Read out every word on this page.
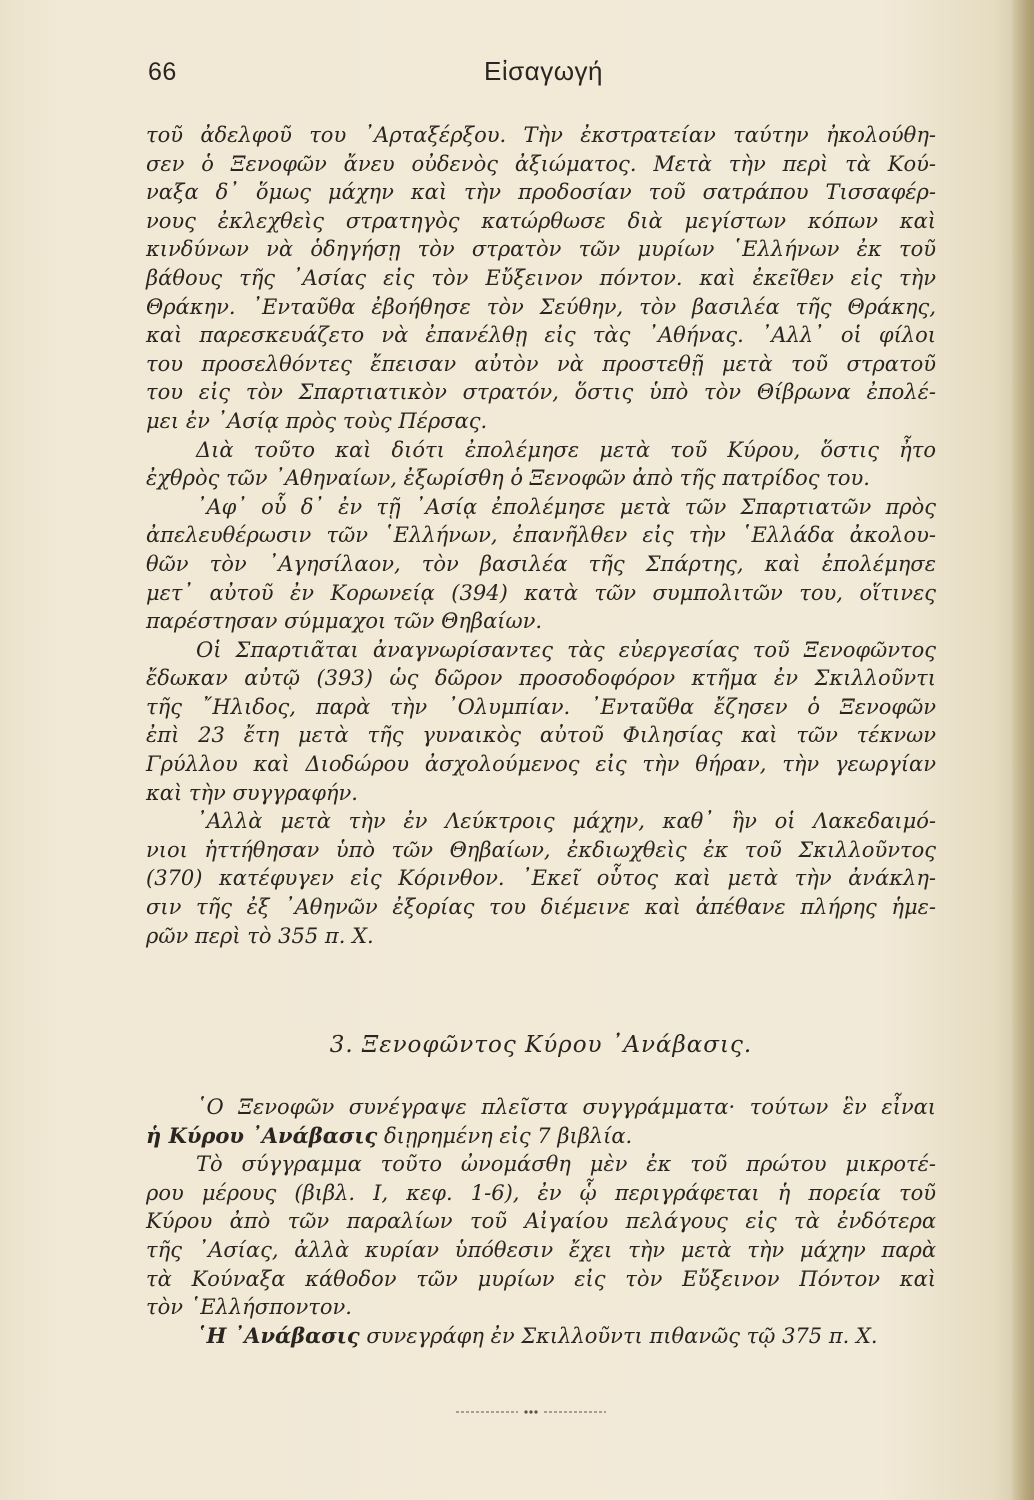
66	Εἰσαγωγή
τοῦ ἀδελφοῦ του ᾿Αρταξέρξου. Τὴν ἐκστρατείαν ταύτην ἠκολούθη-
σεν ὁ Ξενοφῶν ἄνευ οὐδενὸς ἀξιώματος. Μετὰ τὴν περὶ τὰ Κού-
ναξα δ᾿ ὅμως μάχην καὶ τὴν προδοσίαν τοῦ σατράπου Τισσαφέρ-
νους ἐκλεχθεὶς στρατηγὸς κατώρθωσε διὰ μεγίστων κόπων καὶ
κινδύνων νὰ ὁδηγήσῃ τὸν στρατὸν τῶν μυρίων ῾Ελλήνων ἐκ τοῦ
βάθους τῆς ᾿Ασίας εἰς τὸν Εὔξεινον πόντον. καὶ ἐκεῖθεν εἰς τὴν
Θράκην. ᾿Ενταῦθα ἐβοήθησε τὸν Σεύθην, τὸν βασιλέα τῆς Θράκης,
καὶ παρεσκευάζετο νὰ ἐπανέλθῃ εἰς τὰς ᾿Αθήνας. ᾿Αλλ᾿ οἱ φίλοι
του προσελθόντες ἔπεισαν αὐτὸν νὰ προστεθῇ μετὰ τοῦ στρατοῦ
του εἰς τὸν Σπαρτιατικὸν στρατόν, ὅστις ὑπὸ τὸν Θίβρωνα ἐπολέ-
μει ἐν ᾿Ασίᾳ πρὸς τοὺς Πέρσας.
Διὰ τοῦτο καὶ διότι ἐπολέμησε μετὰ τοῦ Κύρου, ὅστις ἦτο
ἐχθρὸς τῶν ᾿Αθηναίων, ἐξωρίσθη ὁ Ξενοφῶν ἀπὸ τῆς πατρίδος του.
᾿Αφ᾿ οὗ δ᾿ ἐν τῇ ᾿Ασίᾳ ἐπολέμησε μετὰ τῶν Σπαρτιατῶν πρὸς
ἀπελευθέρωσιν τῶν ῾Ελλήνων, ἐπανῆλθεν εἰς τὴν ῾Ελλάδα ἀκολου-
θῶν τὸν ᾿Αγησίλαον, τὸν βασιλέα τῆς Σπάρτης, καὶ ἐπολέμησε
μετ᾿ αὐτοῦ ἐν Κορωνείᾳ (394) κατὰ τῶν συμπολιτῶν του, οἵτινες
παρέστησαν σύμμαχοι τῶν Θηβαίων.
Οἱ Σπαρτιᾶται ἀναγνωρίσαντες τὰς εὐεργεσίας τοῦ Ξενοφῶντος
ἔδωκαν αὐτῷ (393) ὡς δῶρον προσοδοφόρον κτῆμα ἐν Σκιλλοῦντι
τῆς ῎Ηλιδος, παρὰ τὴν ᾿Ολυμπίαν. ᾿Ενταῦθα ἔζησεν ὁ Ξενοφῶν
ἐπὶ 23 ἔτη μετὰ τῆς γυναικὸς αὐτοῦ Φιλησίας καὶ τῶν τέκνων
Γρύλλου καὶ Διοδώρου ἀσχολούμενος εἰς τὴν θήραν, τὴν γεωργίαν
καὶ τὴν συγγραφήν.
᾿Αλλὰ μετὰ τὴν ἐν Λεύκτροις μάχην, καθ᾿ ἣν οἱ Λακεδαιμό-
νιοι ἡττήθησαν ὑπὸ τῶν Θηβαίων, ἐκδιωχθεὶς ἐκ τοῦ Σκιλλοῦντος
(370) κατέφυγεν εἰς Κόρινθον. ᾿Εκεῖ οὗτος καὶ μετὰ τὴν ἀνάκλη-
σιν τῆς ἐξ ᾿Αθηνῶν ἐξορίας του διέμεινε καὶ ἀπέθανε πλήρης ἡμε-
ρῶν περὶ τὸ 355 π. Χ.
3. Ξενοφῶντος Κύρου ᾿Ανάβασις.
῾Ο Ξενοφῶν συνέγραψε πλεῖστα συγγράμματα· τούτων ἓν εἶναι
ἡ Κύρου ᾿Ανάβασις διῃρημένη εἰς 7 βιβλία.
Τὸ σύγγραμμα τοῦτο ὠνομάσθη μὲν ἐκ τοῦ πρώτου μικροτέ-
ρου μέρους (βιβλ. Ι, κεφ. 1-6), ἐν ᾧ περιγράφεται ἡ πορεία τοῦ
Κύρου ἀπὸ τῶν παραλίων τοῦ Αἰγαίου πελάγους εἰς τὰ ἐνδότερα
τῆς ᾿Ασίας, ἀλλὰ κυρίαν ὑπόθεσιν ἔχει τὴν μετὰ τὴν μάχην παρὰ
τὰ Κούναξα κάθοδον τῶν μυρίων εἰς τὸν Εὔξεινον Πόντον καὶ
τὸν ῾Ελλήσποντον.
῾Η ᾿Ανάβασις συνεγράφη ἐν Σκιλλοῦντι πιθανῶς τῷ 375 π. Χ.
